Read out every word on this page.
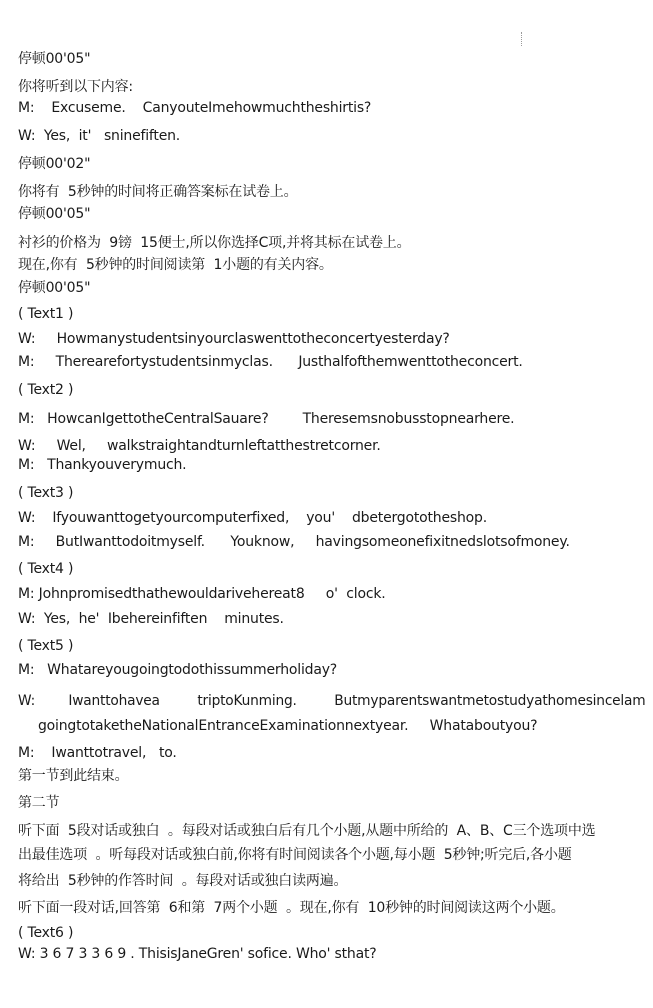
停顿00'05"
你将听到以下内容:
M:    Excuseme.    CanyouteImehowmuchtheshirtis?
W:  Yes,  it'   sninefiften.
停顿00'02"
你将有  5秒钟的时间将正确答案标在试卷上。
停顿00'05"
衬衫的价格为  9镑  15便士,所以你选择C项,并将其标在试卷上。
现在,你有  5秒钟的时间阅读第  1小题的有关内容。
停顿00'05"
( Text1 )
W:     Howmanystudentsinyourclaswenttotheconcertyesterday?
M:     Therearefortystudentsinmyclas.      Justhalfofthemwenttotheconcert.
( Text2 )
M:   HowcanIgettotheCentralSauare?        Theresemsnobusstopnearhere.
W:     Wel,     walkstraightandturnleftatthestretcorner.
M:   Thankyouverymuch.
( Text3 )
W:    Ifyouwanttogetyourcomputerfixed,    you'    dbetergototheshop.
M:     ButIwanttodoitmyself.      Youknow,     havingsomeonefixitnedslotsofmoney.
( Text4 )
M: Johnpromisedthathewouldarivehereat8     o'  clock.
W:  Yes,  he'  Ibehereinfiften    minutes.
( Text5 )
M:   Whatareyougoingtodothissummerholiday?
W:        Iwanttohavea         triptoKunming.         Butmyparentswantmetostudyathomesincelam
goingtotaketheNationalEntranceExaminationnextyear.     Whataboutyou?
M:    Iwanttotravel,   to.
第一节到此结束。
第二节
听下面  5段对话或独白  。每段对话或独白后有几个小题,从题中所给的  A、B、C三个选项中选
出最佳选项  。听每段对话或独白前,你将有时间阅读各个小题,每小题  5秒钟;听完后,各小题
将给出  5秒钟的作答时间  。每段对话或独白读两遍。
听下面一段对话,回答第  6和第  7两个小题  。现在,你有  10秒钟的时间阅读这两个小题。
( Text6 )
W: 3 6 7 3 3 6 9 . ThisisJaneGren' sofice. Who' sthat?
